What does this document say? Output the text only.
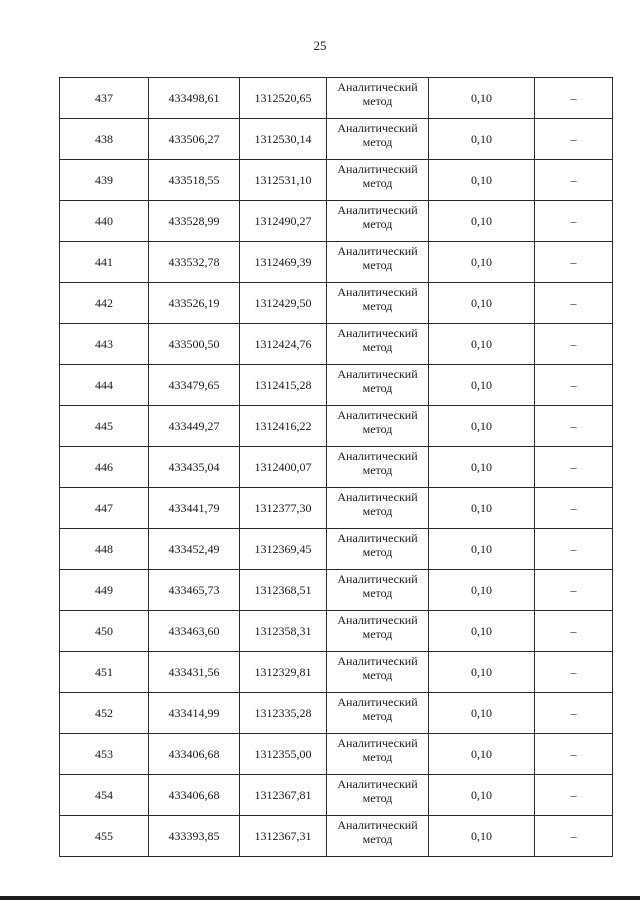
25
437	433498,61	1312520,65	Аналитический метод	0,10	–
438	433506,27	1312530,14	Аналитический метод	0,10	–
439	433518,55	1312531,10	Аналитический метод	0,10	–
440	433528,99	1312490,27	Аналитический метод	0,10	–
441	433532,78	1312469,39	Аналитический метод	0,10	–
442	433526,19	1312429,50	Аналитический метод	0,10	–
443	433500,50	1312424,76	Аналитический метод	0,10	–
444	433479,65	1312415,28	Аналитический метод	0,10	–
445	433449,27	1312416,22	Аналитический метод	0,10	–
446	433435,04	1312400,07	Аналитический метод	0,10	–
447	433441,79	1312377,30	Аналитический метод	0,10	–
448	433452,49	1312369,45	Аналитический метод	0,10	–
449	433465,73	1312368,51	Аналитический метод	0,10	–
450	433463,60	1312358,31	Аналитический метод	0,10	–
451	433431,56	1312329,81	Аналитический метод	0,10	–
452	433414,99	1312335,28	Аналитический метод	0,10	–
453	433406,68	1312355,00	Аналитический метод	0,10	–
454	433406,68	1312367,81	Аналитический метод	0,10	–
455	433393,85	1312367,31	Аналитический метод	0,10	–
